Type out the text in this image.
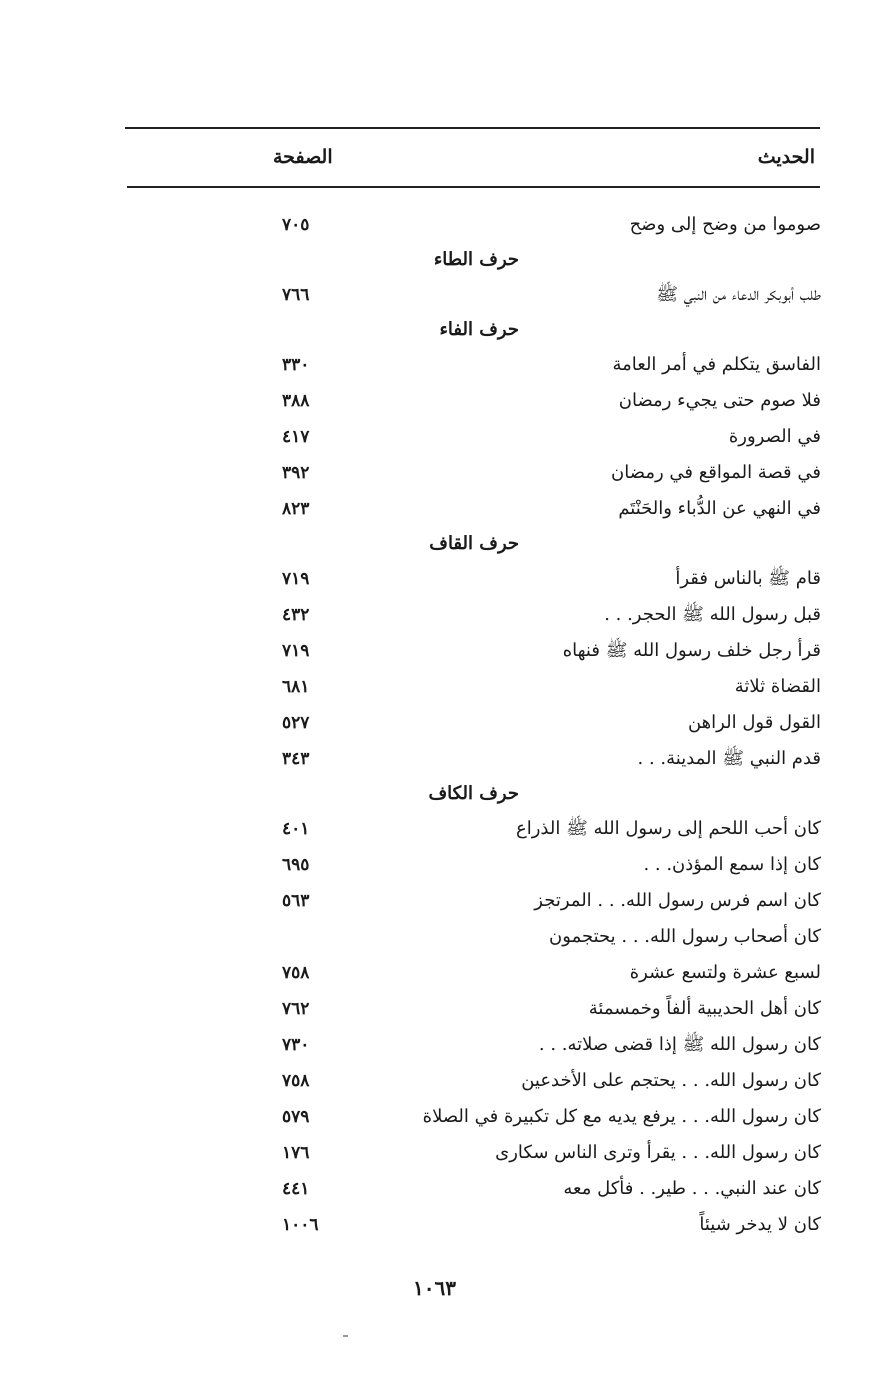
الحديث
الصفحة
صوموا من وضح إلى وضح
٧٠٥
حرف الطاء
طلب أبوبكر الدعاء من النبي ﷺ
٧٦٦
حرف الفاء
الفاسق يتكلم في أمر العامة
٣٣٠
فلا صوم حتى يجيء رمضان
٣٨٨
في الصرورة
٤١٧
في قصة المواقع في رمضان
٣٩٢
في النهي عن الدُّباء والحَنْتَم
٨٢٣
حرف القاف
قام ﷺ بالناس فقرأ
٧١٩
قبل رسول الله ﷺ الحجر. . .
٤٣٢
قرأ رجل خلف رسول الله ﷺ فنهاه
٧١٩
القضاة ثلاثة
٦٨١
القول قول الراهن
٥٢٧
قدم النبي ﷺ المدينة. . .
٣٤٣
حرف الكاف
كان أحب اللحم إلى رسول الله ﷺ الذراع
٤٠١
كان إذا سمع المؤذن. . .
٦٩٥
كان اسم فرس رسول الله. . . المرتجز
٥٦٣
كان أصحاب رسول الله. . . يحتجمون
لسبع عشرة ولتسع عشرة
٧٥٨
كان أهل الحديبية ألفاً وخمسمئة
٧٦٢
كان رسول الله ﷺ إذا قضى صلاته. . .
٧٣٠
كان رسول الله. . . يحتجم على الأخدعين
٧٥٨
كان رسول الله. . . يرفع يديه مع كل تكبيرة في الصلاة
٥٧٩
كان رسول الله. . . يقرأ وترى الناس سكارى
١٧٦
كان عند النبي. . . طير. . فأكل معه
٤٤١
كان لا يدخر شيئاً
١٠٠٦
١٠٦٣
